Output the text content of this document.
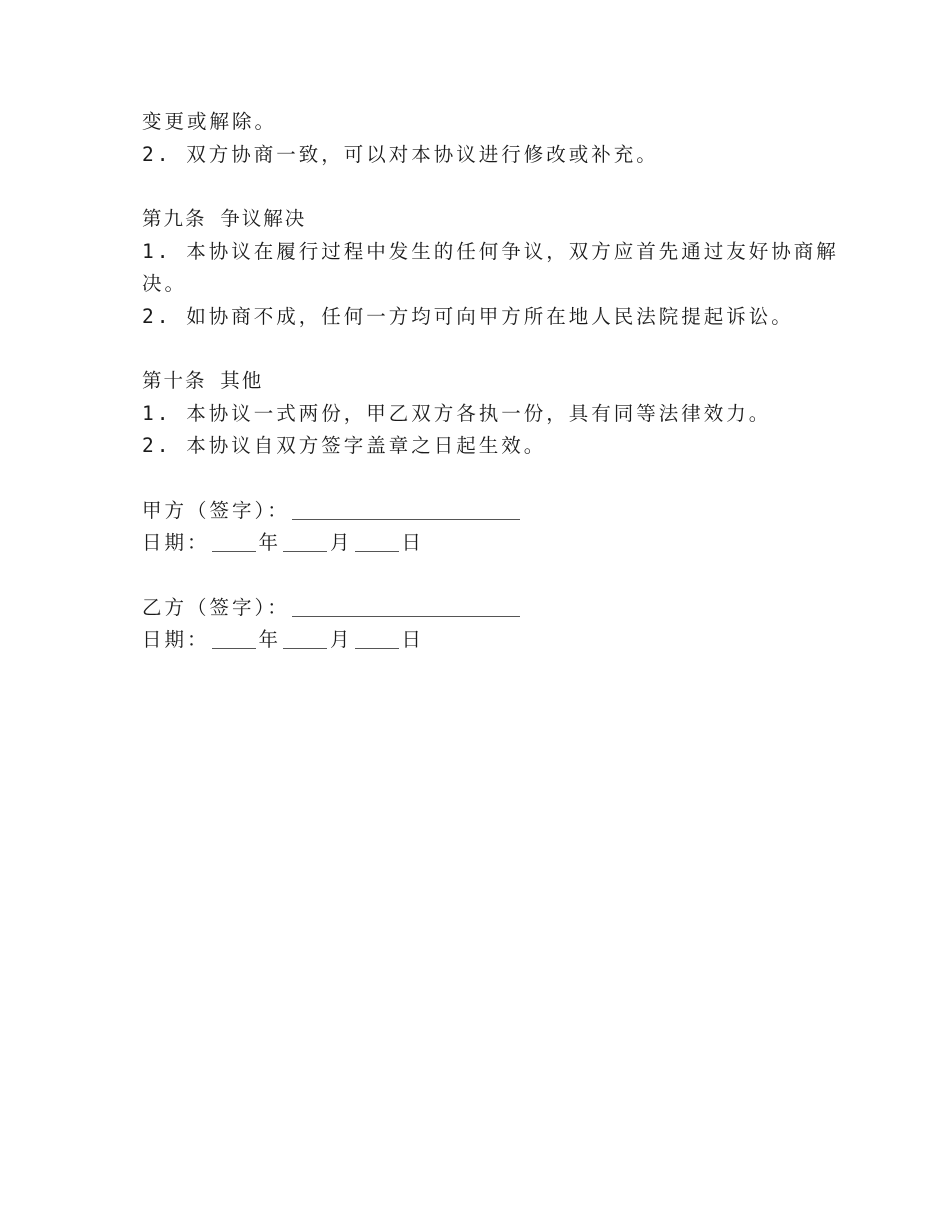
变更或解除。
2. 双方协商一致，可以对本协议进行修改或补充。
第九条 争议解决
1. 本协议在履行过程中发生的任何争议，双方应首先通过友好协商解
决。
2. 如协商不成，任何一方均可向甲方所在地人民法院提起诉讼。
第十条 其他
1. 本协议一式两份，甲乙双方各执一份，具有同等法律效力。
2. 本协议自双方签字盖章之日起生效。
甲方（签字）：
日期：	年	月	日
乙方（签字）：
日期：	年	月	日
